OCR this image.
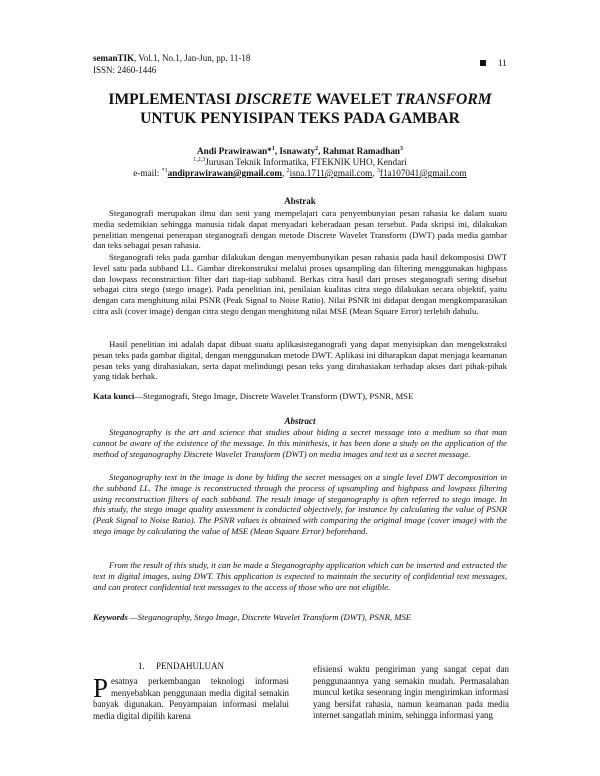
semanTIK, Vol.1, No.1, Jan-Jun, pp. 11-18
ISSN: 2460-1446
11
IMPLEMENTASI DISCRETE WAVELET TRANSFORM
UNTUK PENYISIPAN TEKS PADA GAMBAR
Andi Prawirawan*$^1$, Isnawaty$^2$, Rahmat Ramadhan$^3$
$^{1,2,3}$Jurusan Teknik Informatika, FTEKNIK UHO, Kendari
e-mail: $^{*1}$andiprawirawan@gmail.com, $^2$isna.1711@gmail.com, $^3$f1a107041@gmail.com
Abstrak
Steganografi merupakan ilmu dan seni yang mempelajari cara penyembunyian pesan rahasia ke dalam suatu media sedemikian sehingga manusia tidak dapat menyadari keberadaan pesan tersebut. Pada skripsi ini, dilakukan penelitian mengenai penerapan steganografi dengan metode Discrete Wavelet Transform (DWT) pada media gambar dan teks sebagai pesan rahasia.
Steganografi teks pada gambar dilakukan dengan menyembunyikan pesan rahasia pada hasil dekomposisi DWT level satu pada subband LL. Gambar direkonstruksi melalui proses upsampling dan filtering menggunakan highpass dan lowpass reconstruction filter dari tiap-tiap subband. Berkas citra hasil dari proses steganografi sering disebut sebagai citra stego (stego image). Pada penelitian ini, penilaian kualitas citra stego dilakukan secara objektif, yaitu dengan cara menghitung nilai PSNR (Peak Signal to Noise Ratio). Nilai PSNR ini didapat dengan mengkomparasikan citra asli (cover image) dengan citra stego dengan menghitung nilai MSE (Mean Square Error) terlebih dahulu.
Hasil penelitian ini adalah dapat dibuat suatu aplikasisteganografi yang dapat menyisipkan dan mengekstraksi pesan teks pada gambar digital, dengan menggunakan metode DWT. Aplikasi ini diharapkan dapat menjaga keamanan pesan teks yang dirahasiakan, serta dapat melindungi pesan teks yang dirahasiakan terhadap akses dari pihak-pihak yang tidak berhak.
Kata kunci—Steganografi, Stego Image, Discrete Wavelet Transform (DWT), PSNR, MSE
Abstract
Steganography is the art and science that studies about hiding a secret message into a medium so that man cannot be aware of the existence of the message. In this minithesis, it has been done a study on the application of the method of steganography Discrete Wavelet Transform (DWT) on media images and text as a secret message.
Steganography text in the image is done by hiding the secret messages on a single level DWT decomposition in the subband LL. The image is reconstructed through the process of upsampling and highpass and lowpass filtering using reconstruction filters of each subband. The result image of steganography is often referred to stego image. In this study, the stego image quality assessment is conducted objectively, for instance by calculating the value of PSNR (Peak Signal to Noise Ratio). The PSNR values is obtained with comparing the original image (cover image) with the stego image by calculating the value of MSE (Mean Square Error) beforehand.
From the result of this study, it can be made a Steganography application which can be inserted and extracted the text in digital images, using DWT. This application is expected to maintain the security of confidential text messages, and can protect confidential text messages to the access of those who are not eligible.
Keywords —Steganography, Stego Image, Discrete Wavelet Transform (DWT), PSNR, MSE
1.     PENDAHULUAN
Pesatnya perkembangan teknologi informasi menyebabkan penggunaan media digital semakin banyak digunakan. Penyampaian informasi melalui media digital dipilih karena
efisiensi waktu pengiriman yang sangat cepat dan penggunaannya yang semakin mudah. Permasalahan muncul ketika seseorang ingin mengirimkan informasi yang bersifat rahasia, namun keamanan pada media internet sangatlah minim, sehingga informasi yang
